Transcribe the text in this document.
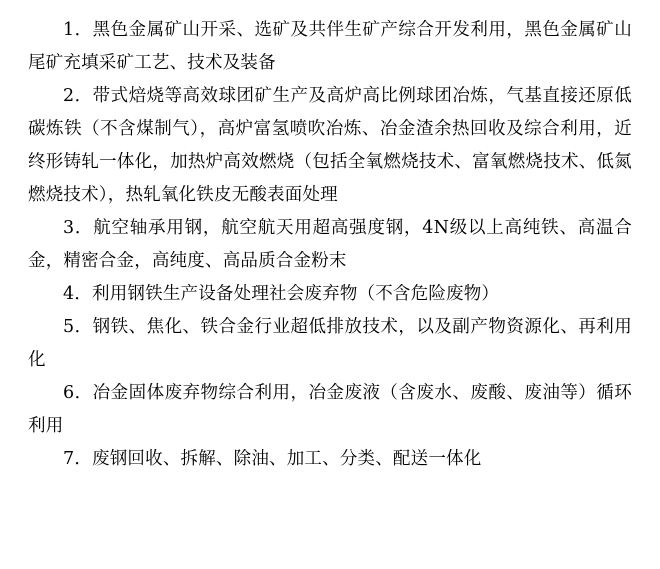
1．黑色金属矿山开采、选矿及共伴生矿产综合开发利用，黑色金属矿山尾矿充填采矿工艺、技术及装备

2．带式焙烧等高效球团矿生产及高炉高比例球团冶炼，气基直接还原低碳炼铁（不含煤制气），高炉富氢喷吹冶炼、冶金渣余热回收及综合利用，近终形铸轧一体化，加热炉高效燃烧（包括全氧燃烧技术、富氧燃烧技术、低氮燃烧技术），热轧氧化铁皮无酸表面处理

3．航空轴承用钢，航空航天用超高强度钢，4N级以上高纯铁、高温合金，精密合金，高纯度、高品质合金粉末

4．利用钢铁生产设备处理社会废弃物（不含危险废物）

5．钢铁、焦化、铁合金行业超低排放技术，以及副产物资源化、再利用化

6．冶金固体废弃物综合利用，冶金废液（含废水、废酸、废油等）循环利用

7．废钢回收、拆解、除油、加工、分类、配送一体化
